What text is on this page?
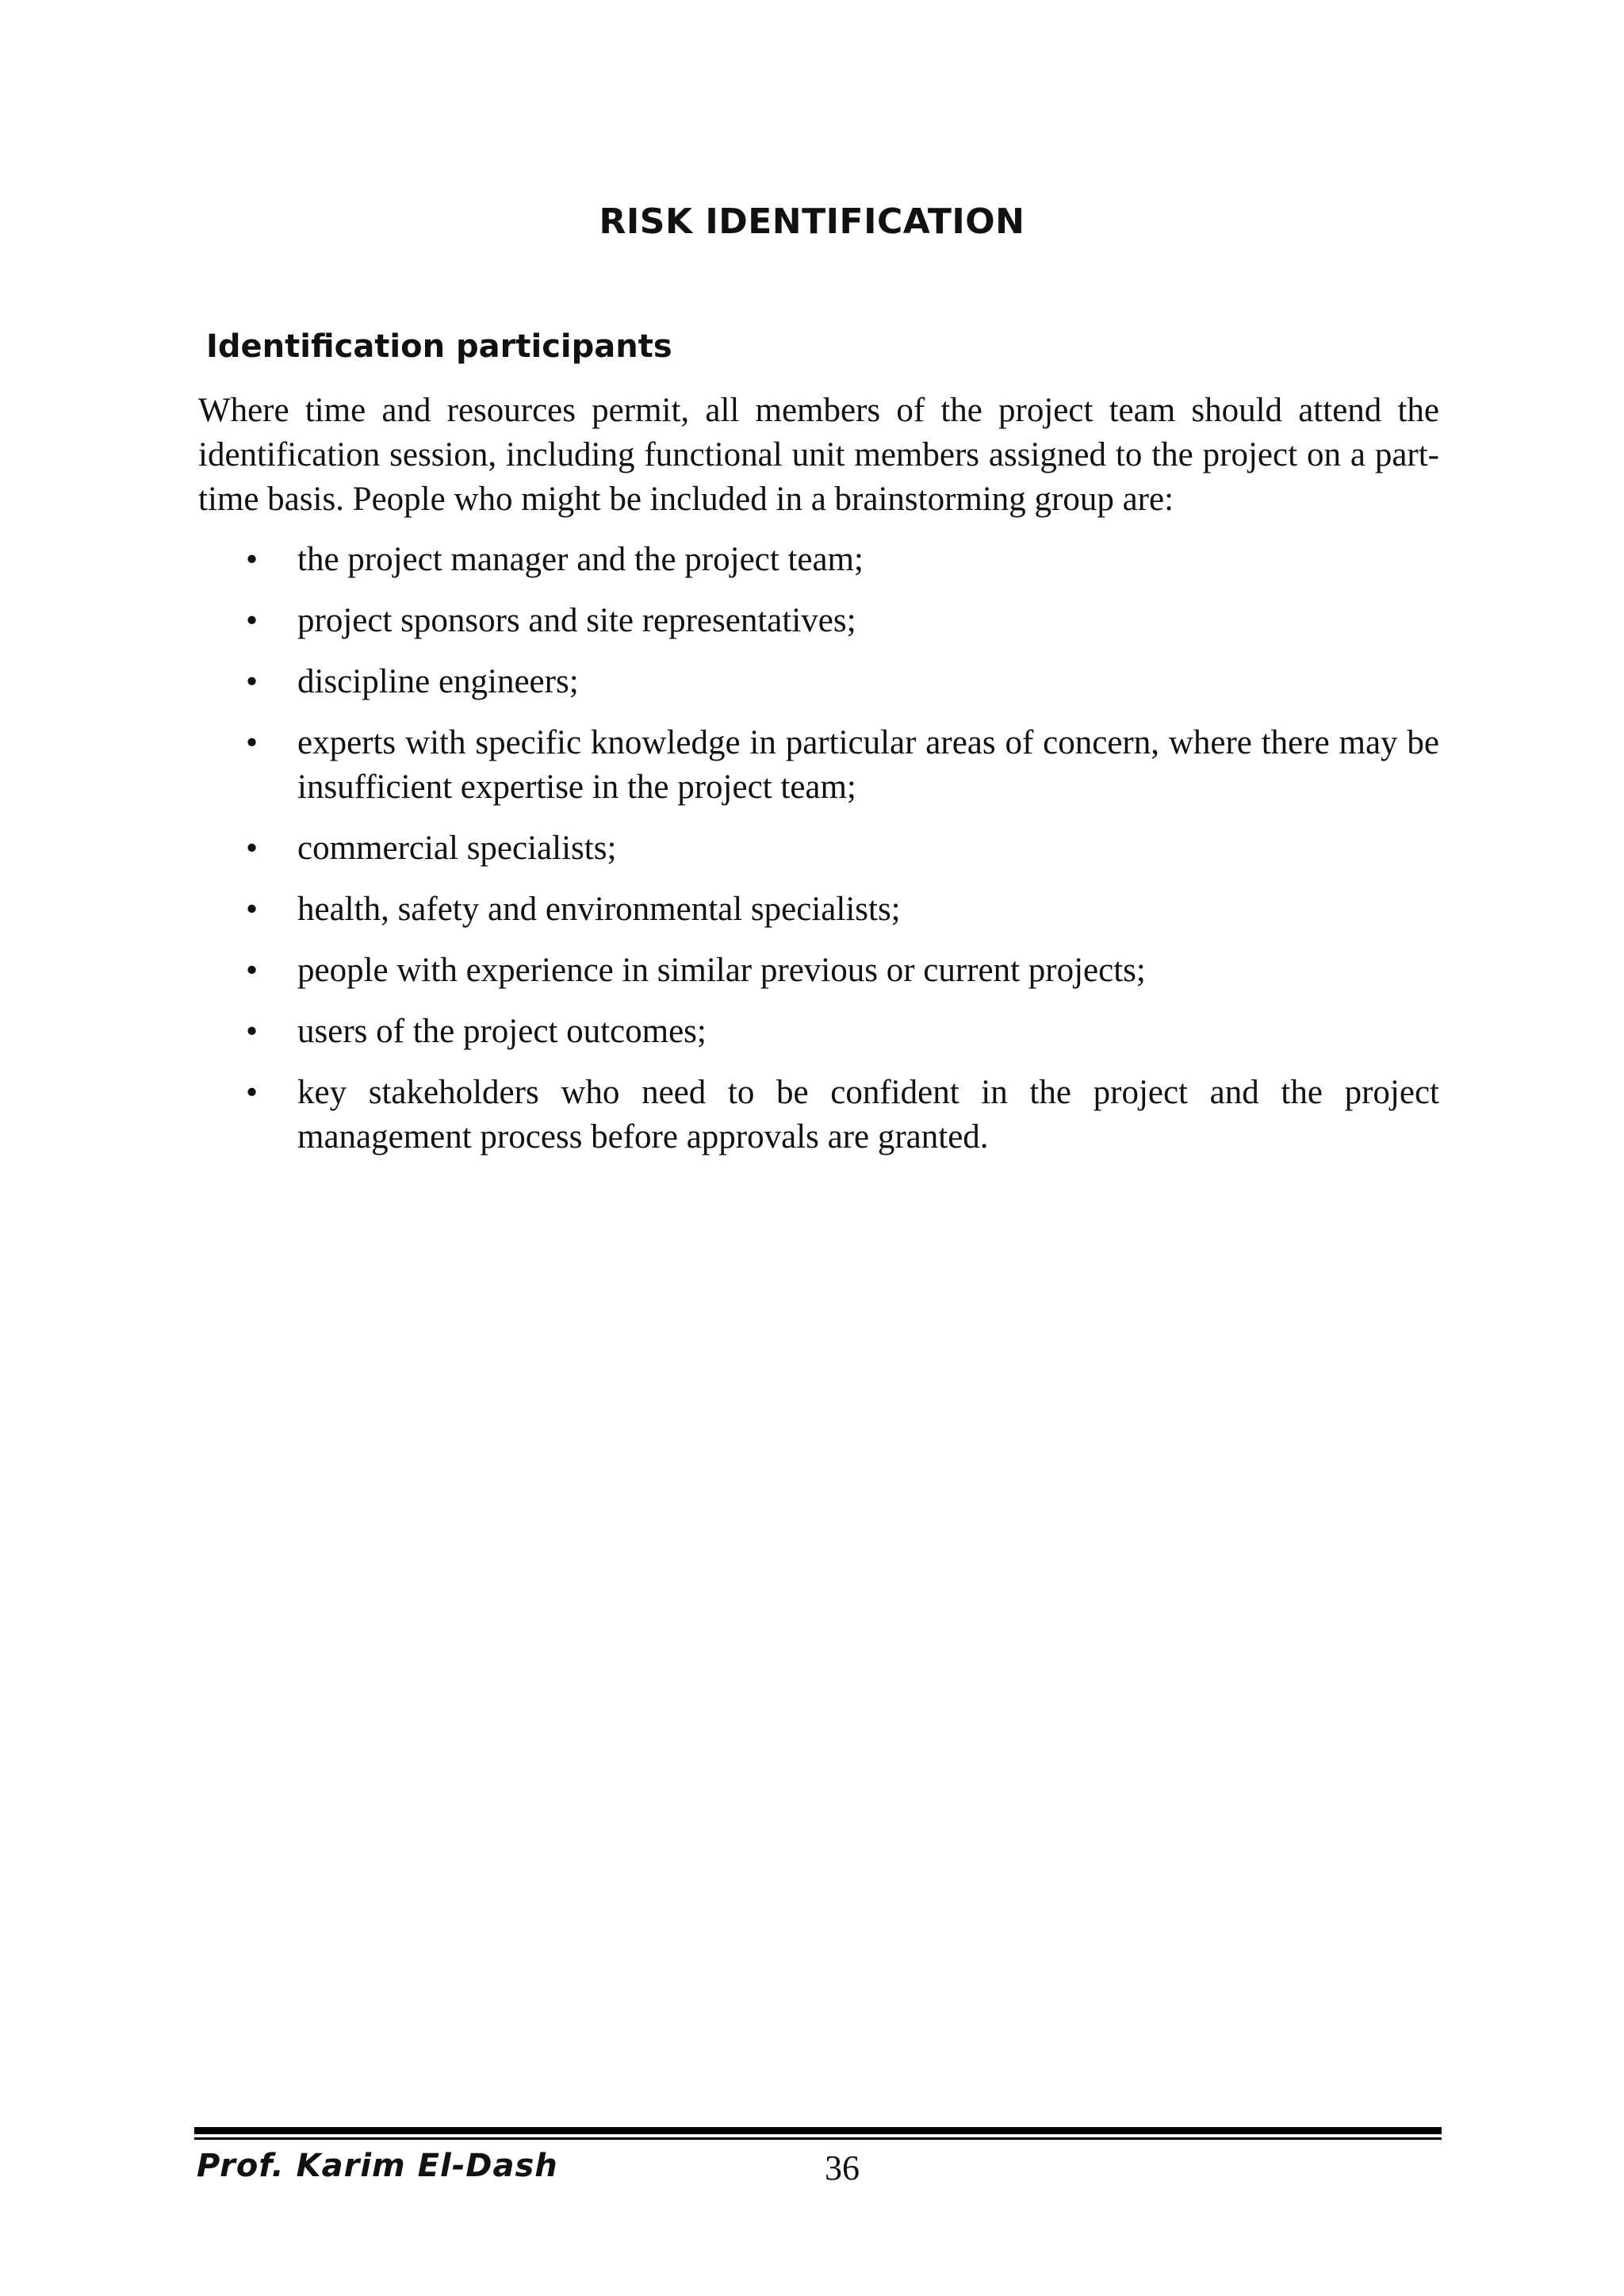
RISK IDENTIFICATION
Identification participants

Where time and resources permit, all members of the project team should attend the identification session, including functional unit members assigned to the project on a part-time basis. People who might be included in a brainstorming group are:

• the project manager and the project team;
• project sponsors and site representatives;
• discipline engineers;
• experts with specific knowledge in particular areas of concern, where there may be insufficient expertise in the project team;
• commercial specialists;
• health, safety and environmental specialists;
• people with experience in similar previous or current projects;
• users of the project outcomes;
• key stakeholders who need to be confident in the project and the project management process before approvals are granted.
Prof. Karim El-Dash	36
